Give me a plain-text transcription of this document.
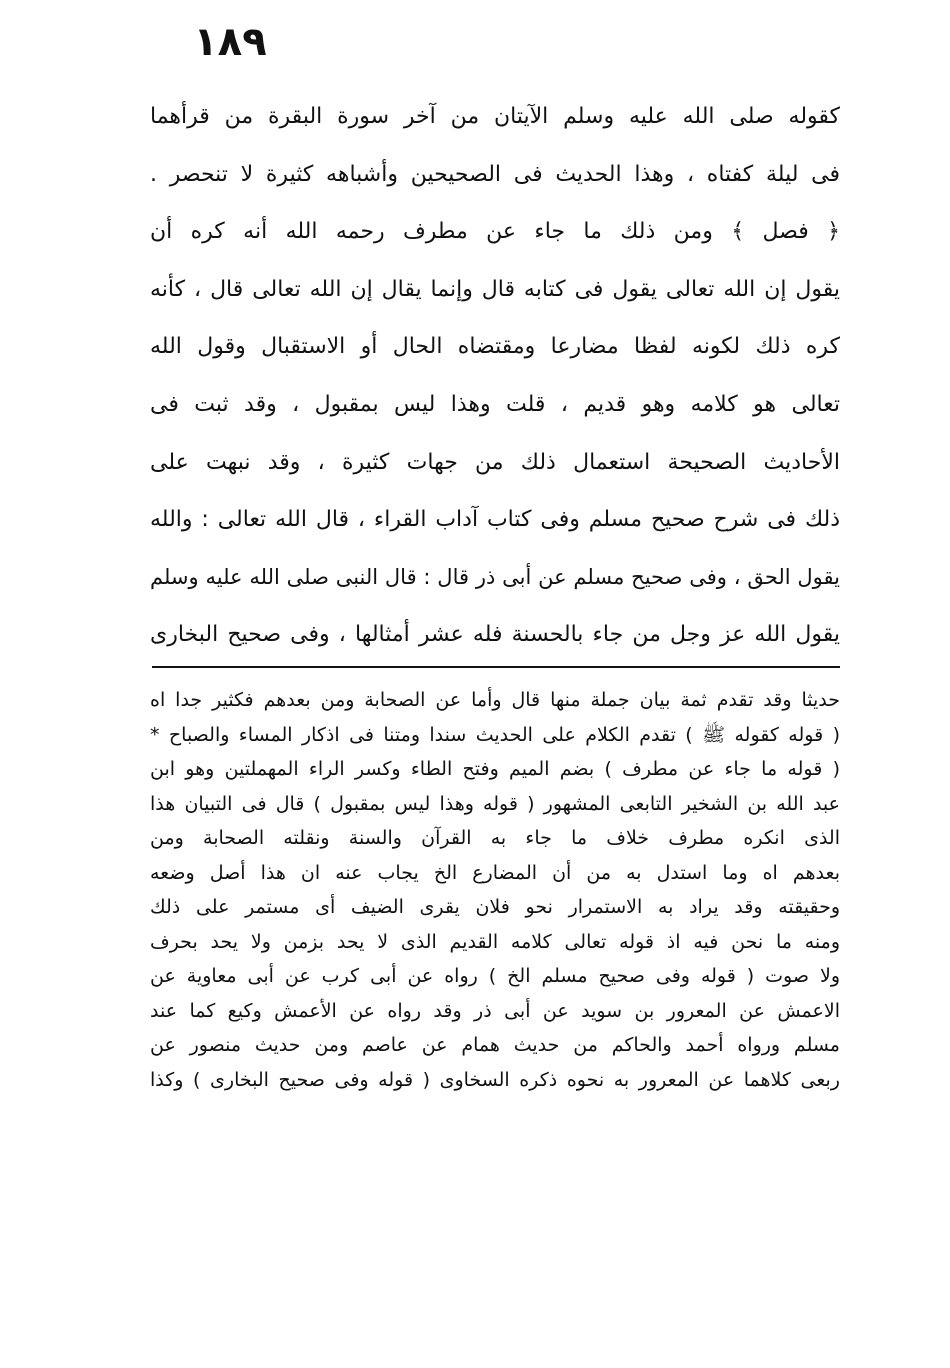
١٨٩
كقوله صلى الله عليه وسلم الآيتان من آخر سورة البقرة من قرأهما
فى ليلة كفتاه ، وهذا الحديث فى الصحيحين وأشباهه كثيرة لا تنحصر .
﴿ فصل ﴾ ومن ذلك ما جاء عن مطرف رحمه الله أنه كره أن
يقول إن الله تعالى يقول فى كتابه قال وإنما يقال إن الله تعالى قال ، كأنه
كره ذلك لكونه لفظا مضارعا ومقتضاه الحال أو الاستقبال وقول الله
تعالى هو كلامه وهو قديم ، قلت وهذا ليس بمقبول ، وقد ثبت فى
الأحاديث الصحيحة استعمال ذلك من جهات كثيرة ، وقد نبهت على
ذلك فى شرح صحيح مسلم وفى كتاب آداب القراء ، قال الله تعالى : والله
يقول الحق ، وفى صحيح مسلم عن أبى ذر قال : قال النبى صلى الله عليه وسلم
يقول الله عز وجل من جاء بالحسنة فله عشر أمثالها ، وفى صحيح البخارى
حديثا وقد تقدم ثمة بيان جملة منها قال وأما عن الصحابة ومن بعدهم فكثير جدا اه
( قوله كقوله ﷺ ) تقدم الكلام على الحديث سندا ومتنا فى اذكار المساء والصباح *
( قوله ما جاء عن مطرف ) بضم الميم وفتح الطاء وكسر الراء المهملتين وهو ابن
عبد الله بن الشخير التابعى المشهور ( قوله وهذا ليس بمقبول ) قال فى التبيان هذا
الذى انكره مطرف خلاف ما جاء به القرآن والسنة ونقلته الصحابة ومن
بعدهم اه وما استدل به من أن المضارع الخ يجاب عنه ان هذا أصل وضعه
وحقيقته وقد يراد به الاستمرار نحو فلان يقرى الضيف أى مستمر على ذلك
ومنه ما نحن فيه اذ قوله تعالى كلامه القديم الذى لا يحد بزمن ولا يحد بحرف
ولا صوت ( قوله وفى صحيح مسلم الخ ) رواه عن أبى كرب عن أبى معاوية عن
الاعمش عن المعرور بن سويد عن أبى ذر وقد رواه عن الأعمش وكيع كما عند
مسلم ورواه أحمد والحاكم من حديث همام عن عاصم ومن حديث منصور عن
ربعى كلاهما عن المعرور به نحوه ذكره السخاوى ( قوله وفى صحيح البخارى ) وكذا
